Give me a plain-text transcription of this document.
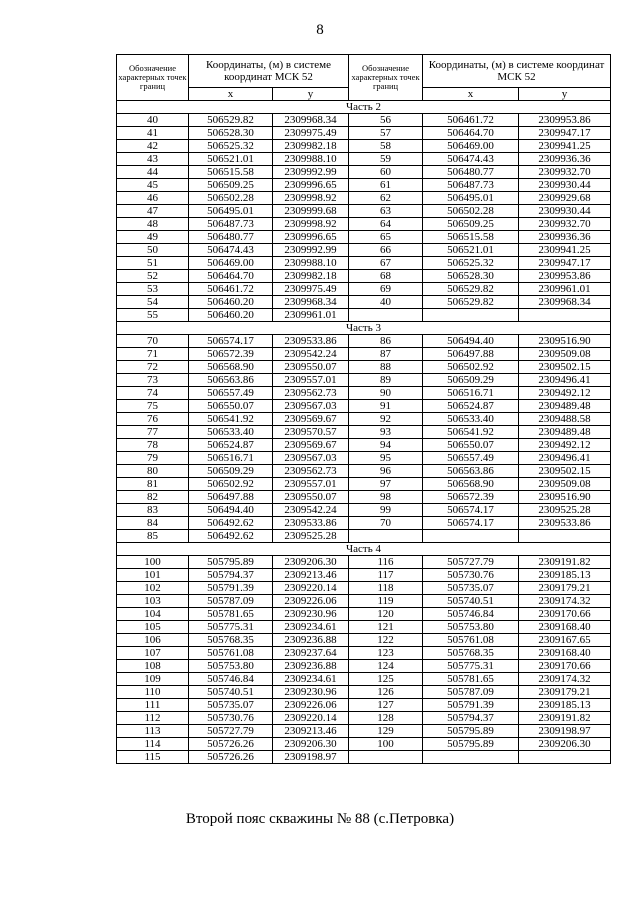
8
Обозначение характерных точек границ	Координаты, (м) в системе координат МСК 52		Обозначение характерных точек границ	Координаты, (м) в системе координат МСК 52	
	x	y		x	y
Часть 2					
40	506529.82	2309968.34	56	506461.72	2309953.86
41	506528.30	2309975.49	57	506464.70	2309947.17
42	506525.32	2309982.18	58	506469.00	2309941.25
43	506521.01	2309988.10	59	506474.43	2309936.36
44	506515.58	2309992.99	60	506480.77	2309932.70
45	506509.25	2309996.65	61	506487.73	2309930.44
46	506502.28	2309998.92	62	506495.01	2309929.68
47	506495.01	2309999.68	63	506502.28	2309930.44
48	506487.73	2309998.92	64	506509.25	2309932.70
49	506480.77	2309996.65	65	506515.58	2309936.36
50	506474.43	2309992.99	66	506521.01	2309941.25
51	506469.00	2309988.10	67	506525.32	2309947.17
52	506464.70	2309982.18	68	506528.30	2309953.86
53	506461.72	2309975.49	69	506529.82	2309961.01
54	506460.20	2309968.34	40	506529.82	2309968.34
55	506460.20	2309961.01			
Часть 3					
70	506574.17	2309533.86	86	506494.40	2309516.90
71	506572.39	2309542.24	87	506497.88	2309509.08
72	506568.90	2309550.07	88	506502.92	2309502.15
73	506563.86	2309557.01	89	506509.29	2309496.41
74	506557.49	2309562.73	90	506516.71	2309492.12
75	506550.07	2309567.03	91	506524.87	2309489.48
76	506541.92	2309569.67	92	506533.40	2309488.58
77	506533.40	2309570.57	93	506541.92	2309489.48
78	506524.87	2309569.67	94	506550.07	2309492.12
79	506516.71	2309567.03	95	506557.49	2309496.41
80	506509.29	2309562.73	96	506563.86	2309502.15
81	506502.92	2309557.01	97	506568.90	2309509.08
82	506497.88	2309550.07	98	506572.39	2309516.90
83	506494.40	2309542.24	99	506574.17	2309525.28
84	506492.62	2309533.86	70	506574.17	2309533.86
85	506492.62	2309525.28			
Часть 4					
100	505795.89	2309206.30	116	505727.79	2309191.82
101	505794.37	2309213.46	117	505730.76	2309185.13
102	505791.39	2309220.14	118	505735.07	2309179.21
103	505787.09	2309226.06	119	505740.51	2309174.32
104	505781.65	2309230.96	120	505746.84	2309170.66
105	505775.31	2309234.61	121	505753.80	2309168.40
106	505768.35	2309236.88	122	505761.08	2309167.65
107	505761.08	2309237.64	123	505768.35	2309168.40
108	505753.80	2309236.88	124	505775.31	2309170.66
109	505746.84	2309234.61	125	505781.65	2309174.32
110	505740.51	2309230.96	126	505787.09	2309179.21
111	505735.07	2309226.06	127	505791.39	2309185.13
112	505730.76	2309220.14	128	505794.37	2309191.82
113	505727.79	2309213.46	129	505795.89	2309198.97
114	505726.26	2309206.30	100	505795.89	2309206.30
115	505726.26	2309198.97			
Второй пояс скважины № 88 (с.Петровка)
